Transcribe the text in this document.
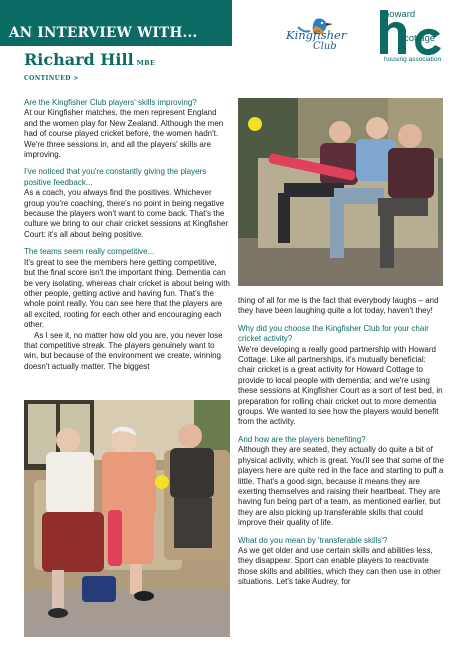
AN INTERVIEW WITH...
Richard Hill MBE
CONTINUED >
Kingfisher
Club
howard
cottage
housing association

Are the Kingfisher Club players' skills improving?

At our Kingfisher matches, the men represent England and the women play for New Zealand. Although the men had of course played cricket before, the women hadn't. We're three sessions in, and all the players' skills are improving.

I've noticed that you're constantly giving the players positive feedback...

As a coach, you always find the positives. Whichever group you're coaching, there's no point in being negative because the players won't want to come back. That's the culture we bring to our chair cricket sessions at Kingfisher Court: it's all about being positive.

The teams seem really competitive...

It's great to see the members here getting competitive, but the final score isn't the important thing. Dementia can be very isolating, whereas chair cricket is about being with other people, getting active and having fun. That's the whole point really. You can see here that the players are all excited, rooting for each other and encouraging each other.

As I see it, no matter how old you are, you never lose that competitive streak. The players genuinely want to win, but because of the environment we create, winning doesn't actually matter. The biggest

thing of all for me is the fact that everybody laughs – and they have been laughing quite a lot today, haven't they!

Why did you choose the Kingfisher Club for your chair cricket activity?

We're developing a really good partnership with Howard Cottage. Like all partnerships, it's mutually beneficial: chair cricket is a great activity for Howard Cottage to provide to local people with dementia; and we're using these sessions at Kingfisher Court as a sort of test bed, in preparation for rolling chair cricket out to more dementia groups. We wanted to see how the players would benefit from the activity.

And how are the players benefiting?

Although they are seated, they actually do quite a bit of physical activity, which is great. You'll see that some of the players here are quite red in the face and starting to puff a little. That's a good sign, because it means they are exerting themselves and raising their heartbeat. They are having fun being part of a team, as mentioned earlier, but they are also picking up transferable skills that could improve their quality of life.

What do you mean by 'transferable skills'?

As we get older and use certain skills and abilities less, they disappear. Sport can enable players to reactivate those skills and abilities, which they can then use in other situations. Let's take Audrey, for
